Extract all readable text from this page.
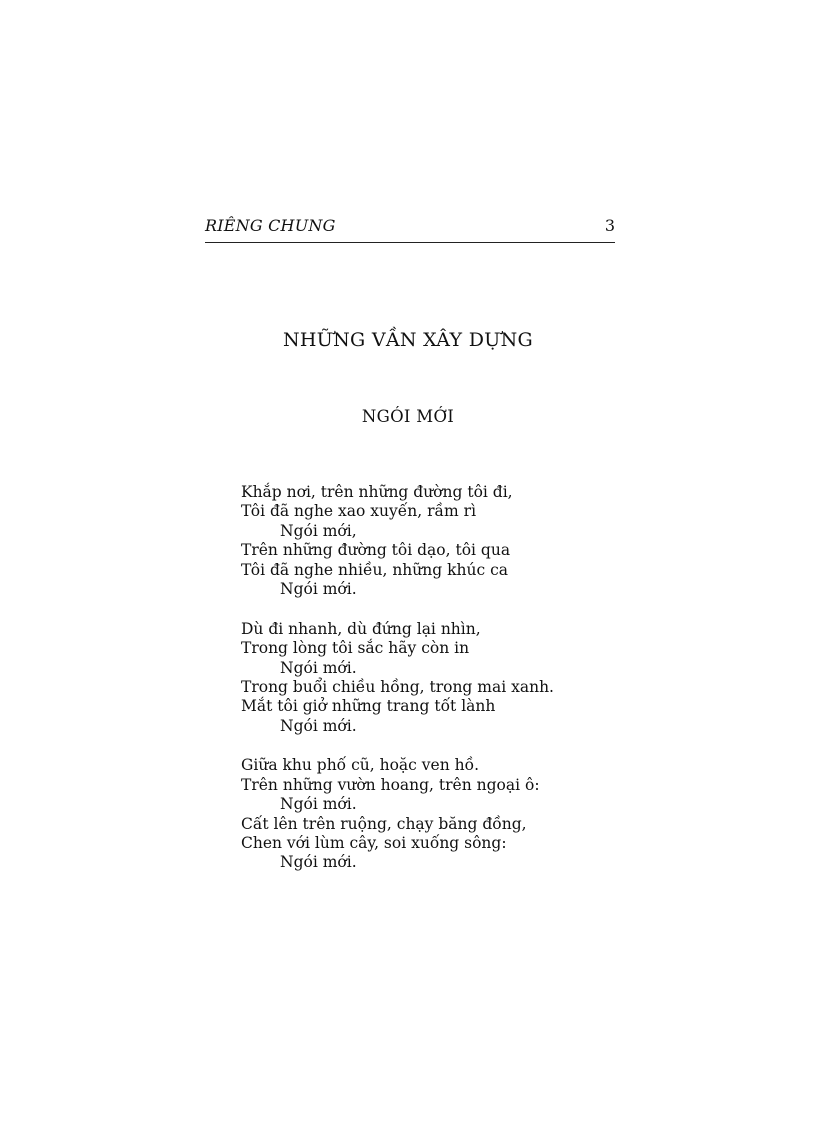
RIÊNG CHUNG	3
NHỮNG VẦN XÂY DỰNG
NGÓI MỚI
Khắp nơi, trên những đường tôi đi,
Tôi đã nghe xao xuyến, rầm rì
Ngói mới,
Trên những đường tôi dạo, tôi qua
Tôi đã nghe nhiều, những khúc ca
Ngói mới.
Dù đi nhanh, dù đứng lại nhìn,
Trong lòng tôi sắc hãy còn in
Ngói mới.
Trong buổi chiều hồng, trong mai xanh.
Mắt tôi giở những trang tốt lành
Ngói mới.
Giữa khu phố cũ, hoặc ven hồ.
Trên những vườn hoang, trên ngoại ô:
Ngói mới.
Cất lên trên ruộng, chạy băng đồng,
Chen với lùm cây, soi xuống sông:
Ngói mới.
